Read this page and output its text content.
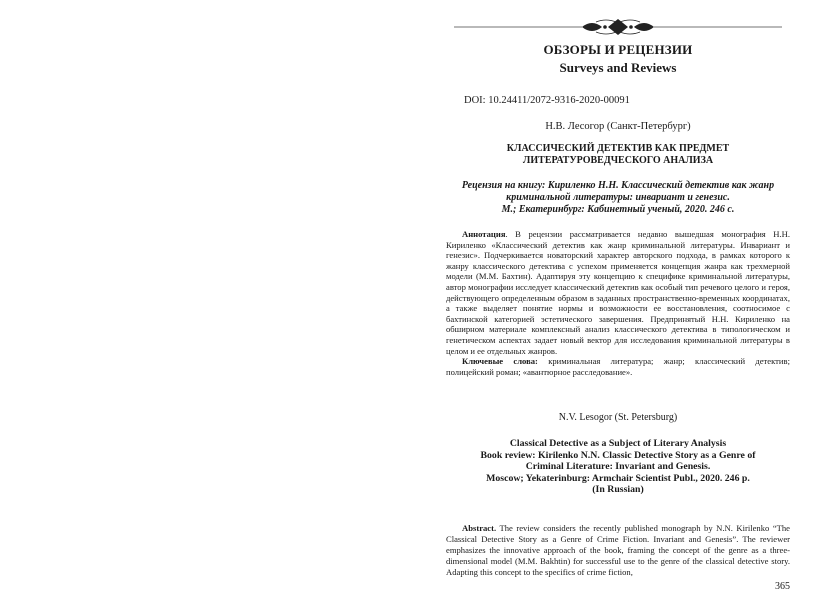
ОБЗОРЫ И РЕЦЕНЗИИ
Surveys and Reviews
DOI: 10.24411/2072-9316-2020-00091
Н.В. Лесогор (Санкт-Петербург)
КЛАССИЧЕСКИЙ ДЕТЕКТИВ КАК ПРЕДМЕТ
ЛИТЕРАТУРОВЕДЧЕСКОГО АНАЛИЗА
Рецензия на книгу: Кириленко Н.Н. Классический детектив как жанр
криминальной литературы: инвариант и генезис.
М.; Екатеринбург: Кабинетный ученый, 2020. 246 с.

Аннотация. В рецензии рассматривается недавно вышедшая монография Н.Н. Кириленко «Классический детектив как жанр криминальной литературы. Инвариант и генезис». Подчеркивается новаторский характер авторского подхода, в рамках которого к жанру классического детектива с успехом применяется концепция жанра как трехмерной модели (М.М. Бахтин). Адаптируя эту концепцию к специфике криминальной литературы, автор монографии исследует классический детектив как особый тип речевого целого и героя, действующего определенным образом в заданных пространственно-временных координатах, а также выделяет понятие нормы и возможности ее восстановления, соотносимое с бахтинской категорией эстетического завершения. Предпринятый Н.Н. Кириленко на обширном материале комплексный анализ классического детектива в типологическом и генетическом аспектах задает новый вектор для исследования криминальной литературы в целом и ее отдельных жанров.

Ключевые слова: криминальная литература; жанр; классический детектив; полицейский роман; «авантюрное расследование».

N.V. Lesogor (St. Petersburg)
Classical Detective as a Subject of Literary Analysis
Book review: Kirilenko N.N. Classic Detective Story as a Genre of
Criminal Literature: Invariant and Genesis.
Moscow; Yekaterinburg: Armchair Scientist Publ., 2020. 246 p.
(In Russian)

Abstract. The review considers the recently published monograph by N.N. Kirilenko “The Classical Detective Story as a Genre of Crime Fiction. Invariant and Genesis”. The reviewer emphasizes the innovative approach of the book, framing the concept of the genre as a three-dimensional model (M.M. Bakhtin) for successful use to the genre of the classical detective story. Adapting this concept to the specifics of crime fiction,

365
